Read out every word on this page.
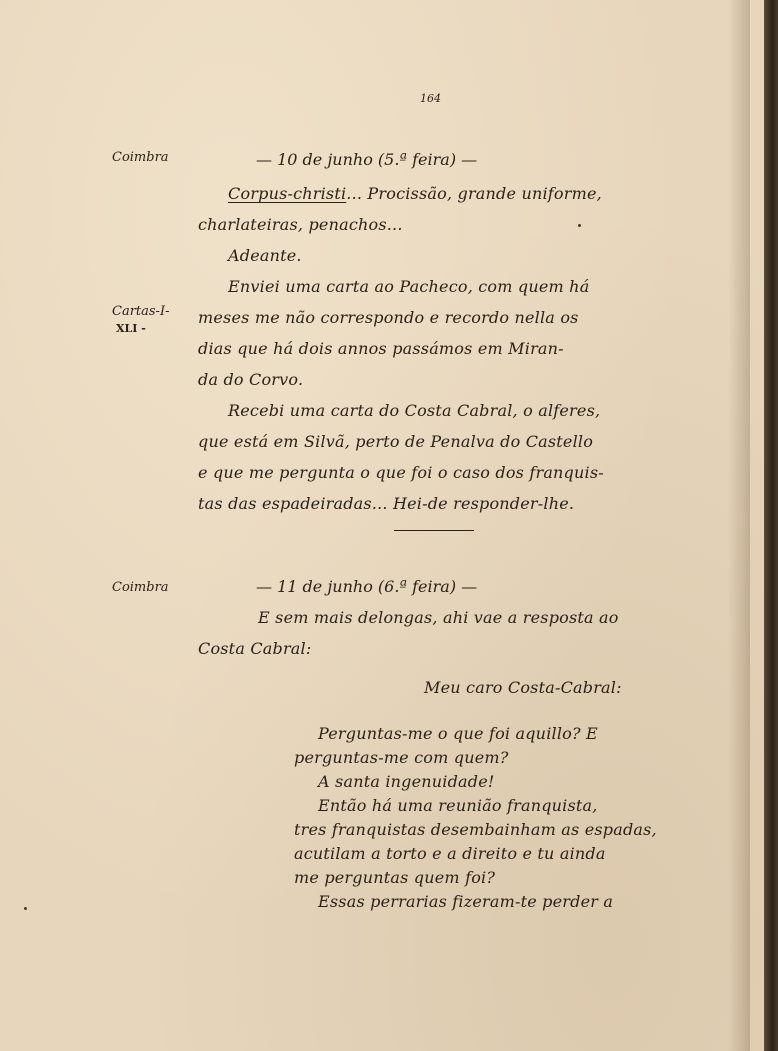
164
Coimbra	— 10 de junho (5.ª feira) —
Corpus-christi... Procissão, grande uniforme,
charlateiras, penachos...
Adeante.
Enviei uma carta ao Pacheco, com quem há
meses me não correspondo e recordo nella os
dias que há dois annos passámos em Miran-
da do Corvo.
Recebi uma carta do Costa Cabral, o alferes,
que está em Silvã, perto de Penalva do Castello
e que me pergunta o que foi o caso dos franquis-
tas das espadeiradas... Hei-de responder-lhe.
Cartas-I-
XLI -
Coimbra	— 11 de junho (6.ª feira) —
E sem mais delongas, ahi vae a resposta ao
Costa Cabral:
Meu caro Costa-Cabral:
Perguntas-me o que foi aquillo? E
perguntas-me com quem?
A santa ingenuidade!
Então há uma reunião franquista,
tres franquistas desembainham as espadas,
acutilam a torto e a direito e tu ainda
me perguntas quem foi?
Essas perrarias fizeram-te perder a
